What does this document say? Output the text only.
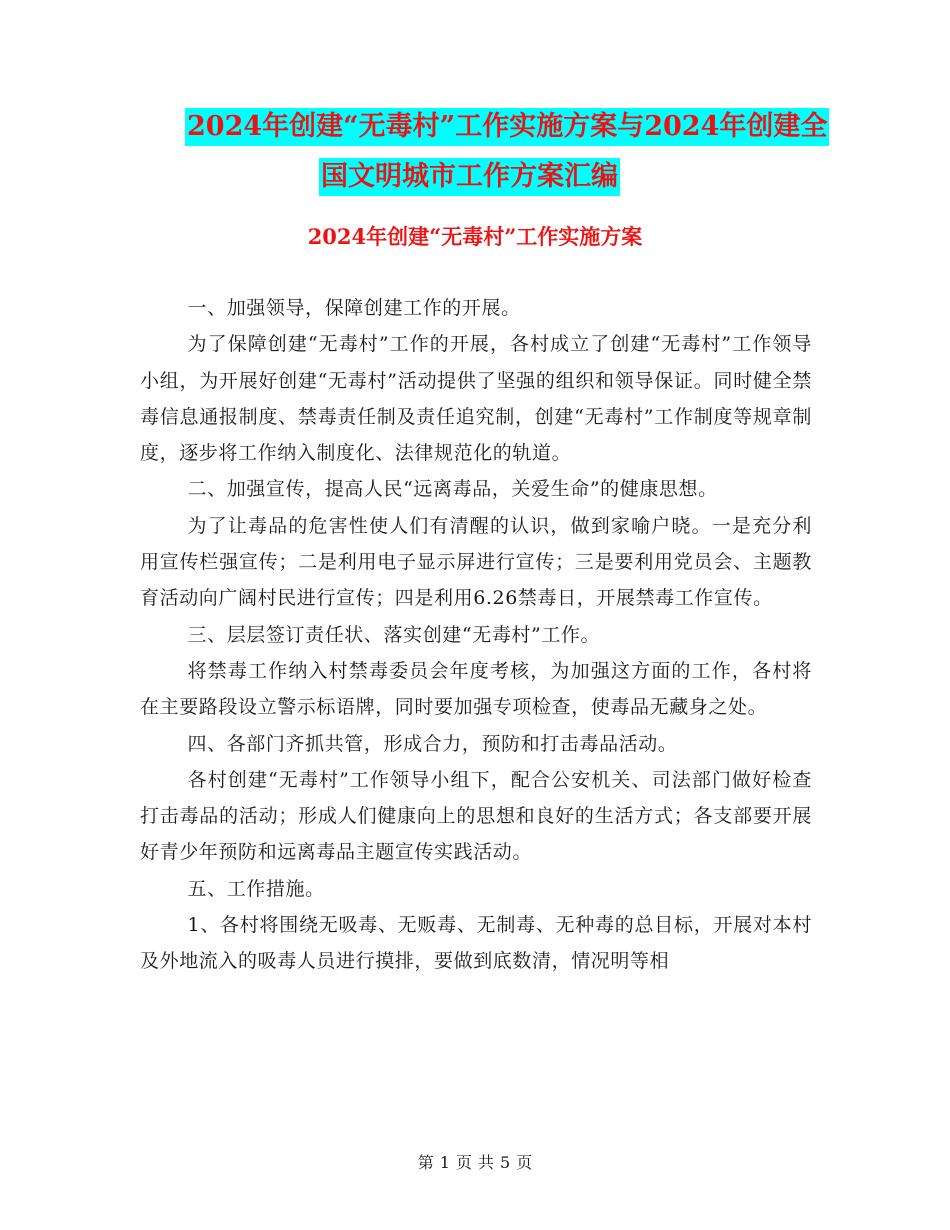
2024年创建“无毒村”工作实施方案与2024年创建全
国文明城市工作方案汇编
2024年创建“无毒村”工作实施方案

一、加强领导，保障创建工作的开展。

为了保障创建“无毒村”工作的开展，各村成立了创建“无毒村”工作领导小组，为开展好创建“无毒村”活动提供了坚强的组织和领导保证。同时健全禁毒信息通报制度、禁毒责任制及责任追究制，创建“无毒村”工作制度等规章制度，逐步将工作纳入制度化、法律规范化的轨道。

二、加强宣传，提高人民“远离毒品，关爱生命”的健康思想。

为了让毒品的危害性使人们有清醒的认识，做到家喻户晓。一是充分利用宣传栏强宣传；二是利用电子显示屏进行宣传；三是要利用党员会、主题教育活动向广阔村民进行宣传；四是利用6.26禁毒日，开展禁毒工作宣传。

三、层层签订责任状、落实创建“无毒村”工作。

将禁毒工作纳入村禁毒委员会年度考核，为加强这方面的工作，各村将在主要路段设立警示标语牌，同时要加强专项检查，使毒品无藏身之处。

四、各部门齐抓共管，形成合力，预防和打击毒品活动。

各村创建“无毒村”工作领导小组下，配合公安机关、司法部门做好检查打击毒品的活动；形成人们健康向上的思想和良好的生活方式；各支部要开展好青少年预防和远离毒品主题宣传实践活动。

五、工作措施。

1、各村将围绕无吸毒、无贩毒、无制毒、无种毒的总目标，开展对本村及外地流入的吸毒人员进行摸排，要做到底数清，情况明等相

第 1 页 共 5 页
